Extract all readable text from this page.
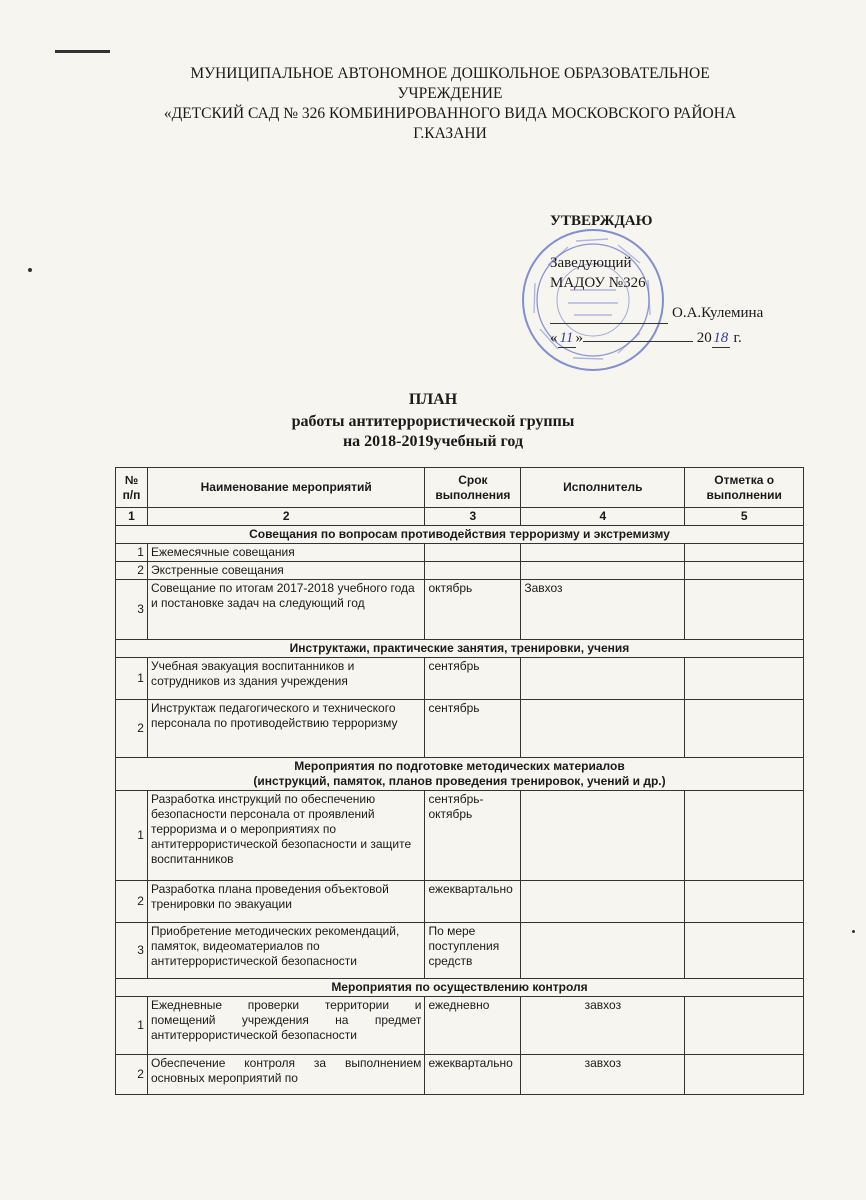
МУНИЦИПАЛЬНОЕ АВТОНОМНОЕ ДОШКОЛЬНОЕ ОБРАЗОВАТЕЛЬНОЕ
УЧРЕЖДЕНИЕ
«ДЕТСКИЙ САД № 326 КОМБИНИРОВАННОГО ВИДА МОСКОВСКОГО РАЙОНА
Г.КАЗАНИ
УТВЕРЖДАЮ
Заведующий
МАДОУ №326
О.А.Кулемина
« 11 »	20 18 г.
ПЛАН
работы антитеррористической группы
на 2018-2019учебный год
№ п/п	Наименование мероприятий	Срок выполнения	Исполнитель	Отметка о выполнении
1	2	3	4	5
Совещания по вопросам противодействия терроризму и экстремизму				
1	Ежемесячные совещания			
2	Экстренные совещания			
3	Совещание по итогам 2017-2018 учебного года и постановке задач на следующий год	октябрь	Завхоз	
Инструктажи, практические занятия, тренировки, учения				
1	Учебная эвакуация воспитанников и сотрудников из здания учреждения	сентябрь		
2	Инструктаж педагогического и технического персонала по противодействию терроризму	сентябрь		

Мероприятия по подготовке методических материалов
(инструкций, памяток, планов проведения тренировок, учений и др.)				

1	Разработка инструкций по обеспечению безопасности персонала от проявлений терроризма и о мероприятиях по антитеррористической безопасности и защите воспитанников	сентябрь-октябрь		
2	Разработка плана проведения объектовой тренировки по эвакуации	ежеквартально		
3	Приобретение методических рекомендаций, памяток, видеоматериалов по антитеррористической безопасности	По мере поступления средств		
Мероприятия по осуществлению контроля				
1	Ежедневные проверки территории и помещений учреждения на предмет антитеррористической безопасности	ежедневно	завхоз	
2	Обеспечение контроля за выполнением основных мероприятий по	ежеквартально	завхоз	
